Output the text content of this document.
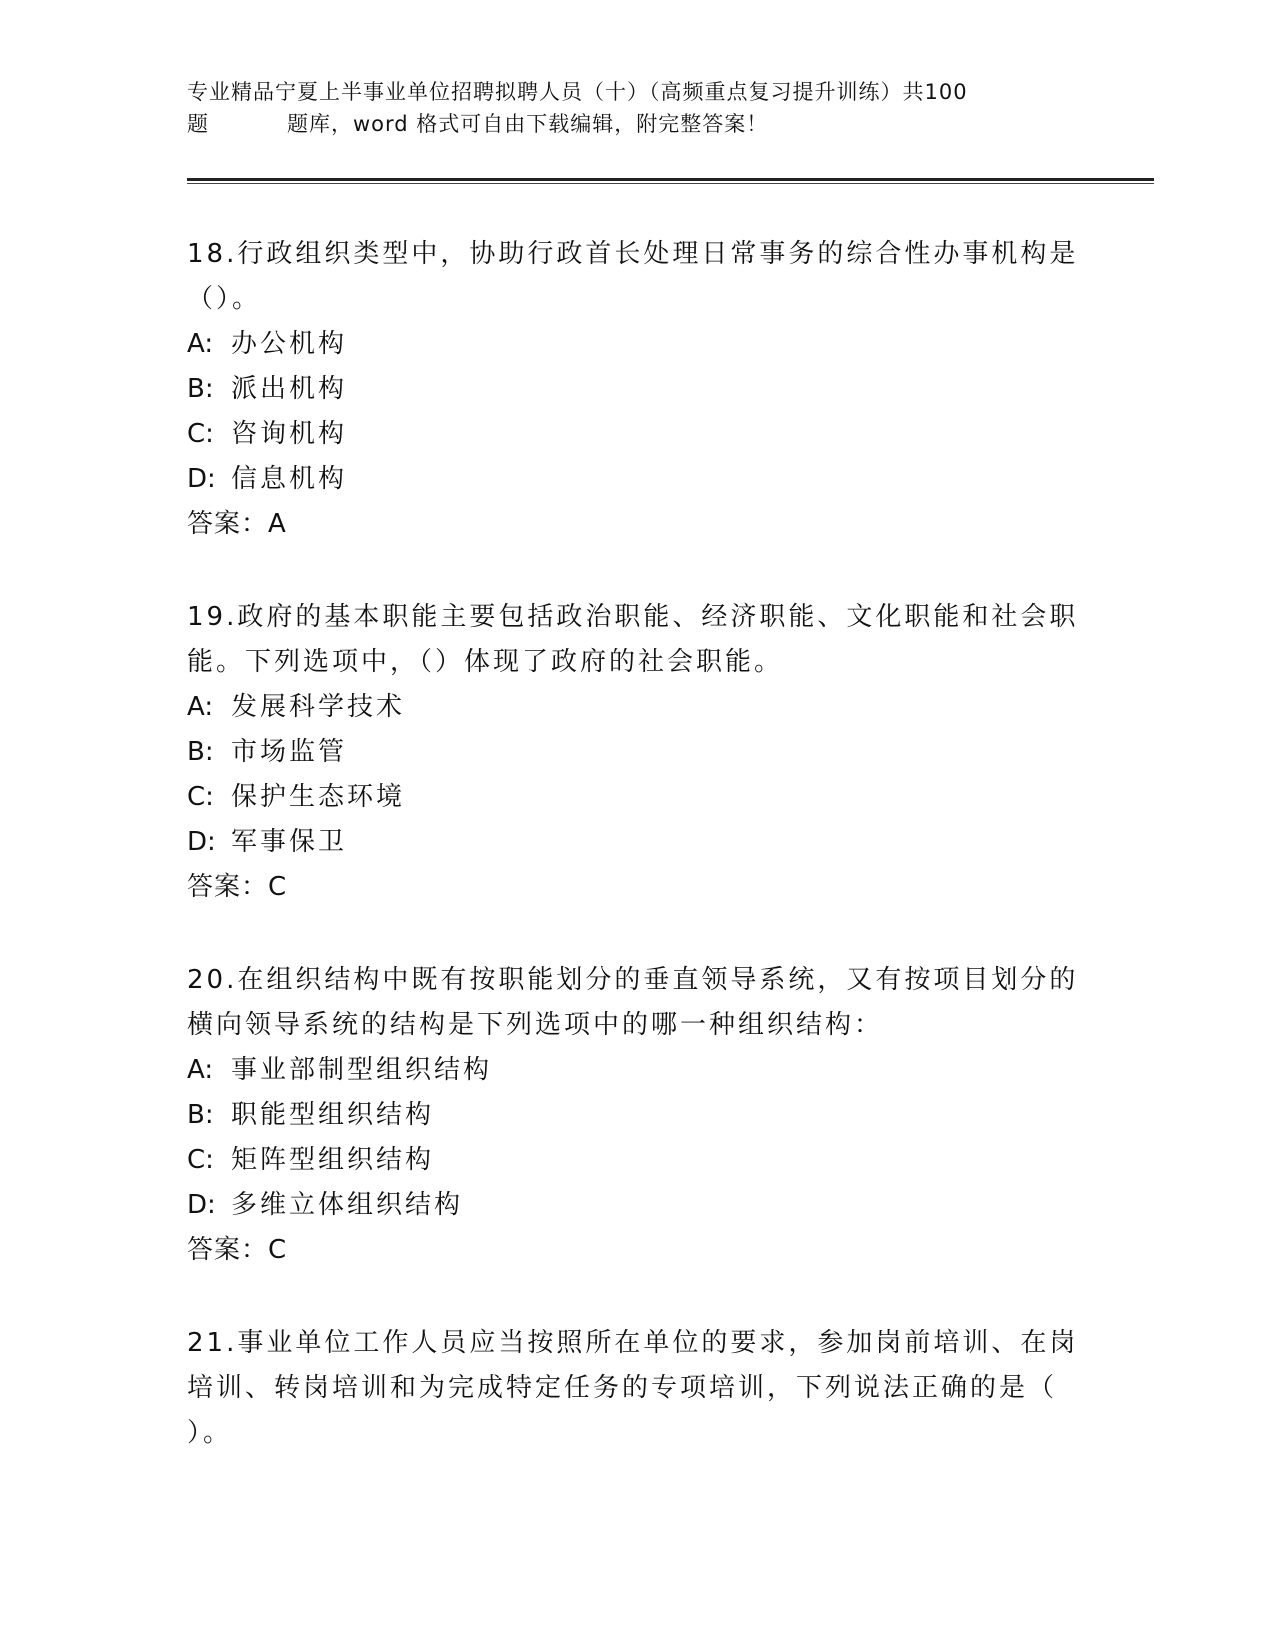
专业精品宁夏上半事业单位招聘拟聘人员（十）（高频重点复习提升训练）共100
题	题库，word 格式可自由下载编辑，附完整答案！

18.行政组织类型中，协助行政首长处理日常事务的综合性办事机构是

（）。

A: 办公机构

B: 派出机构

C: 咨询机构

D: 信息机构

答案：A

19.政府的基本职能主要包括政治职能、经济职能、文化职能和社会职

能。下列选项中，（）体现了政府的社会职能。

A: 发展科学技术

B: 市场监管

C: 保护生态环境

D: 军事保卫

答案：C

20.在组织结构中既有按职能划分的垂直领导系统，又有按项目划分的

横向领导系统的结构是下列选项中的哪一种组织结构：

A: 事业部制型组织结构

B: 职能型组织结构

C: 矩阵型组织结构

D: 多维立体组织结构

答案：C

21.事业单位工作人员应当按照所在单位的要求，参加岗前培训、在岗

培训、转岗培训和为完成特定任务的专项培训，下列说法正确的是（

）。
